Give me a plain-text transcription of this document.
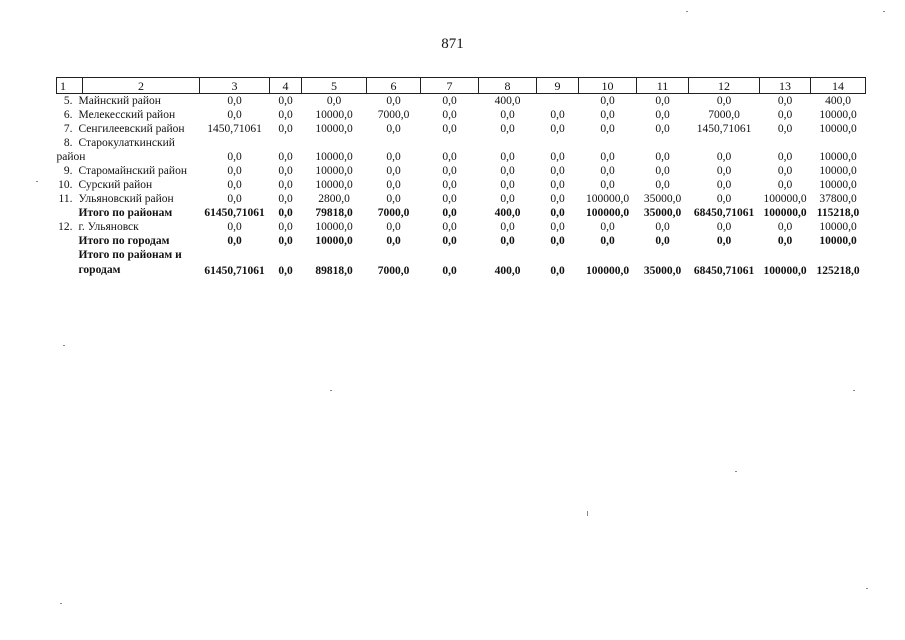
871
1	2	3	4	5	6	7	8	9	10	11	12	13	14
5. Майнский район		0,0	0,0	0,0	0,0	0,0	400,0		0,0	0,0	0,0	0,0	400,0
6. Мелекесский район		0,0	0,0	10000,0	7000,0	0,0	0,0	0,0	0,0	0,0	7000,0	0,0	10000,0
7. Сенгилеевский район		1450,71061	0,0	10000,0	0,0	0,0	0,0	0,0	0,0	0,0	1450,71061	0,0	10000,0
8. Старокулаткинский район		0,0	0,0	10000,0	0,0	0,0	0,0	0,0	0,0	0,0	0,0	0,0	10000,0
9. Старомайнский район		0,0	0,0	10000,0	0,0	0,0	0,0	0,0	0,0	0,0	0,0	0,0	10000,0
10. Сурский район		0,0	0,0	10000,0	0,0	0,0	0,0	0,0	0,0	0,0	0,0	0,0	10000,0
11. Ульяновский район		0,0	0,0	2800,0	0,0	0,0	0,0	0,0	100000,0	35000,0	0,0	100000,0	37800,0
Итого по районам		61450,71061	0,0	79818,0	7000,0	0,0	400,0	0,0	100000,0	35000,0	68450,71061	100000,0	115218,0
12. г. Ульяновск		0,0	0,0	10000,0	0,0	0,0	0,0	0,0	0,0	0,0	0,0	0,0	10000,0
Итого по городам		0,0	0,0	10000,0	0,0	0,0	0,0	0,0	0,0	0,0	0,0	0,0	10000,0
Итого по районам и городам		61450,71061	0,0	89818,0	7000,0	0,0	400,0	0,0	100000,0	35000,0	68450,71061	100000,0	125218,0
